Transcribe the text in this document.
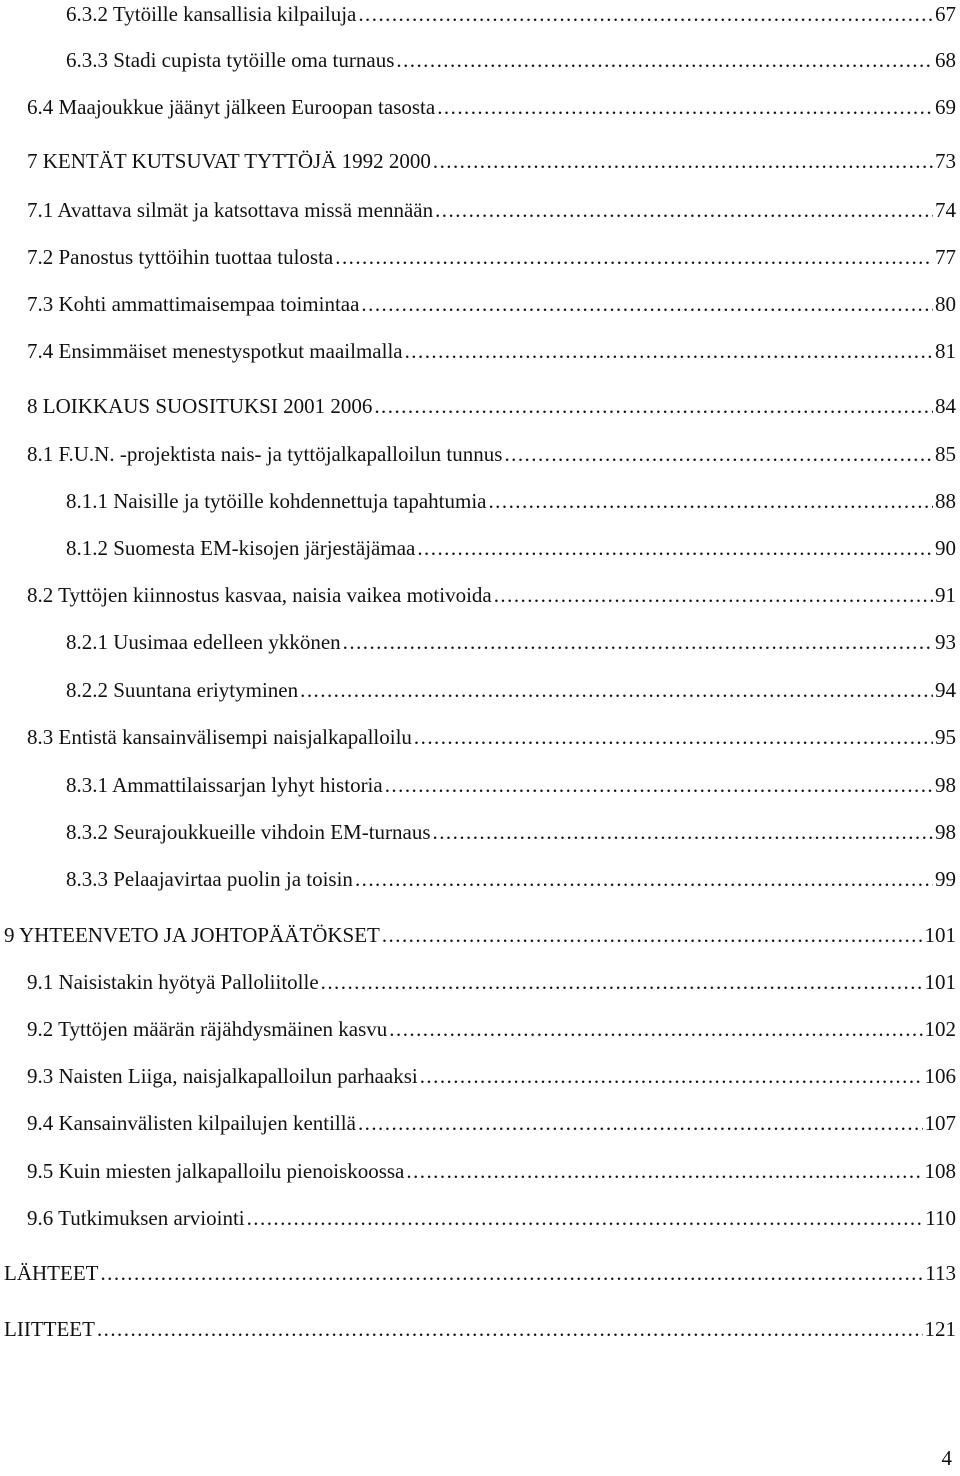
6.3.2 Tytöille kansallisia kilpailuja . . .	67
6.3.3 Stadi cupista tytöille oma turnaus . . .	68
6.4 Maajoukkue jäänyt jälkeen Euroopan tasosta . . .	69
7 KENTÄT KUTSUVAT TYTTÖJÄ 1992 2000 . . .	73
7.1 Avattava silmät ja katsottava missä mennään . . .	74
7.2 Panostus tyttöihin tuottaa tulosta . . .	77
7.3 Kohti ammattimaisempaa toimintaa . . .	80
7.4 Ensimmäiset menestyspotkut maailmalla . . .	81
8 LOIKKAUS SUOSITUKSI 2001 2006 . . .	84
8.1 F.U.N. -projektista nais- ja tyttöjalkapalloilun tunnus . . .	85
8.1.1 Naisille ja tytöille kohdennettuja tapahtumia . . .	88
8.1.2 Suomesta EM-kisojen järjestäjämaa . . .	90
8.2 Tyttöjen kiinnostus kasvaa, naisia vaikea motivoida . . .	91
8.2.1 Uusimaa edelleen ykkönen . . .	93
8.2.2 Suuntana eriytyminen . . .	94
8.3 Entistä kansainvälisempi naisjalkapalloilu . . .	95
8.3.1 Ammattilaissarjan lyhyt historia . . .	98
8.3.2 Seurajoukkueille vihdoin EM-turnaus . . .	98
8.3.3 Pelaajavirtaa puolin ja toisin . . .	99
9 YHTEENVETO JA JOHTOPÄÄTÖKSET . . .	101
9.1 Naisistakin hyötyä Palloliitolle . . .	101
9.2 Tyttöjen määrän räjähdysmäinen kasvu . . .	102
9.3 Naisten Liiga, naisjalkapalloilun parhaaksi . . .	106
9.4 Kansainvälisten kilpailujen kentillä . . .	107
9.5 Kuin miesten jalkapalloilu pienoiskoossa . . .	108
9.6 Tutkimuksen arviointi . . .	110
LÄHTEET . . .	113
LIITTEET . . .	121
4
